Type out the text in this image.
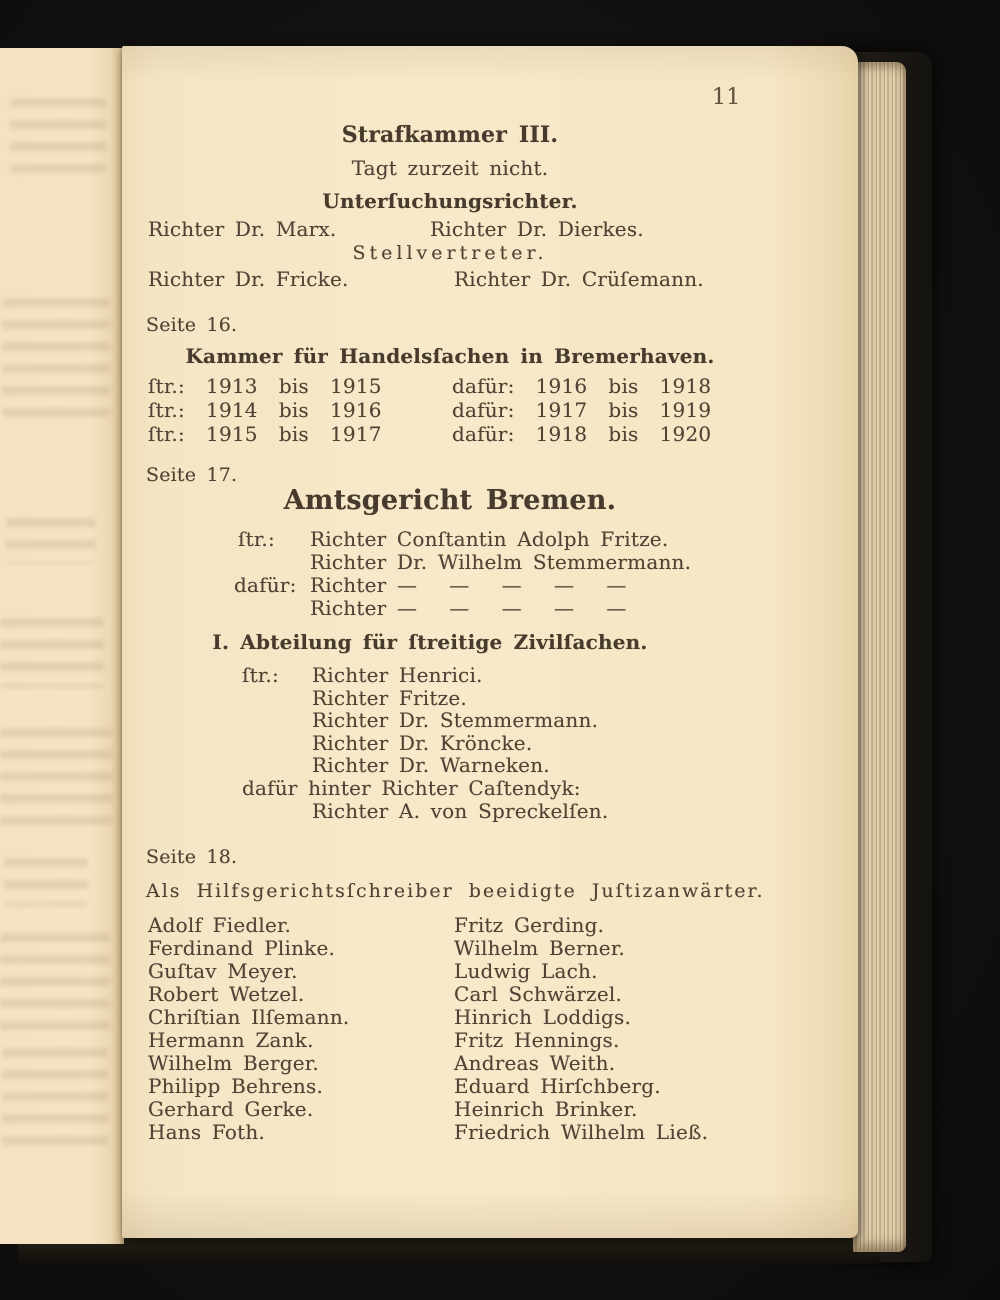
11
Strafkammer III.
Tagt zurzeit nicht.
Unterſuchungsrichter.
Richter Dr. Marx.	Richter Dr. Dierkes.
Stellvertreter.
Richter Dr. Fricke.	Richter Dr. Crüſemann.
Seite 16.
Kammer für Handelsſachen in Bremerhaven.
ſtr.:  1913  bis  1915	dafür:  1916  bis  1918
ſtr.:  1914  bis  1916	dafür:  1917  bis  1919
ſtr.:  1915  bis  1917	dafür:  1918  bis  1920
Seite 17.
Amtsgericht Bremen.
ſtr.: Richter Conſtantin Adolph Fritze.
Richter Dr. Wilhelm Stemmermann.
dafür: Richter — — — — —
Richter — — — — —
I. Abteilung für ſtreitige Zivilſachen.
ſtr.: Richter Henrici.
Richter Fritze.
Richter Dr. Stemmermann.
Richter Dr. Kröncke.
Richter Dr. Warneken.
dafür hinter Richter Caſtendyk:
Richter A. von Spreckelſen.
Seite 18.
Als Hilfsgerichtsſchreiber beeidigte Juſtizanwärter.
Adolf Fiedler.	Fritz Gerding.
Ferdinand Plinke.	Wilhelm Berner.
Guſtav Meyer.	Ludwig Lach.
Robert Wetzel.	Carl Schwärzel.
Chriſtian Ilſemann.	Hinrich Loddigs.
Hermann Zank.	Fritz Hennings.
Wilhelm Berger.	Andreas Weith.
Philipp Behrens.	Eduard Hirſchberg.
Gerhard Gerke.	Heinrich Brinker.
Hans Foth.	Friedrich Wilhelm Ließ.
